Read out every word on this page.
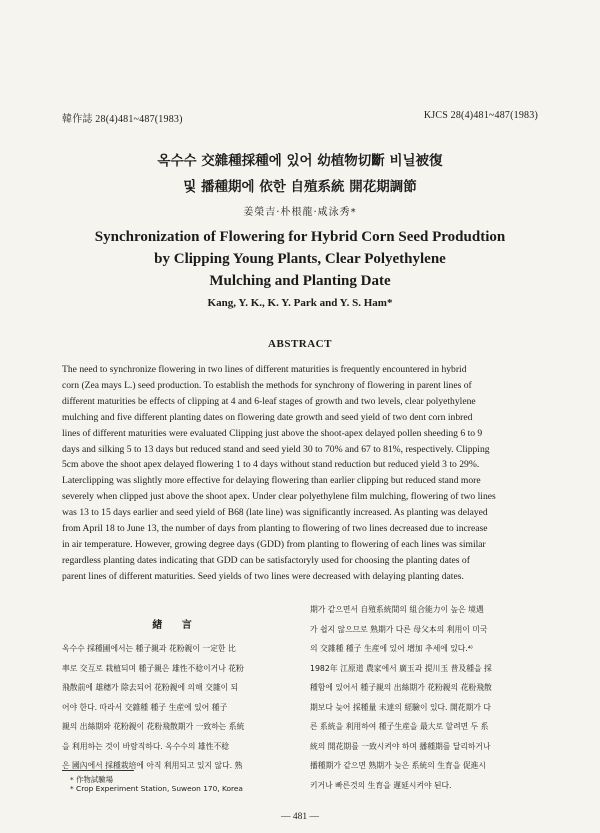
韓作誌 28(4)481~487(1983)	KJCS 28(4)481~487(1983)
옥수수 交雜種採種에 있어 幼植物切斷 비닐被復
및 播種期에 依한 自殖系統 開花期調節
姜榮吉·朴根龍·咸泳秀*
Synchronization of Flowering for Hybrid Corn Seed Produdtion
by Clipping Young Plants, Clear Polyethylene
Mulching and Planting Date
Kang, Y. K., K. Y. Park and Y. S. Ham*
ABSTRACT
The need to synchronize flowering in two lines of different maturities is frequently encountered in hybrid
corn (Zea mays L.) seed production. To establish the methods for synchrony of flowering in parent lines of
different maturities be effects of clipping at 4 and 6-leaf stages of growth and two levels, clear polyethylene
mulching and five different planting dates on flowering date growth and seed yield of two dent corn inbred
lines of different maturities were evaluated Clipping just above the shoot-apex delayed pollen sheeding 6 to 9
days and silking 5 to 13 days but reduced stand and seed yield 30 to 70% and 67 to 81%, respectively. Clipping
5cm above the shoot apex delayed flowering 1 to 4 days without stand reduction but reduced yield 3 to 29%.
Laterclipping was slightly more effective for delaying flowering than earlier clipping but reduced stand more
severely when clipped just above the shoot apex. Under clear polyethylene film mulching, flowering of two lines
was 13 to 15 days earlier and seed yield of B68 (late line) was significantly increased. As planting was delayed
from April 18 to June 13, the number of days from planting to flowering of two lines decreased due to increase
in air temperature. However, growing degree days (GDD) from planting to flowering of each lines was similar
regardless planting dates indicating that GDD can be satisfactoryly used for choosing the planting dates of
parent lines of different maturities. Seed yields of two lines were decreased with delaying planting dates.
緖 言
옥수수 採種圃에서는 種子親과 花粉親이 一定한 比
率로 交互로 栽植되며 種子親은 雄性不稔이거나 花粉
飛散前에 雄穗가 除去되어 花粉親에 의해 交雜이 되
어야 한다. 따라서 交雜種 種子 生産에 있어 種子
親의 出絲期와 花粉親이 花粉飛散期가 一致하는 系統
을 利用하는 것이 바람직하다. 옥수수의 雄性不稔
은 國內에서 採種栽培에 아직 利用되고 있지 않다. 熟
期가 같으면서 自殖系統間의 組合能力이 높은 境遇
가 쉽지 않으므로 熟期가 다른 母父本의 利用이 미국
의 交雜種 種子 生産에 있어 增加 추세에 있다.⁴⁾
1982年 江原道 農家에서 廣玉과 提川玉 普及種을 採
種함에 있어서 種子親의 出絲期가 花粉親의 花粉飛散
期보다 늦어 採種量 未達의 經驗이 있다. 開花期가 다
른 系統을 利用하여 種子生産을 最大로 할려면 두 系
統의 開花期를 一致시켜야 하며 播種期를 달리하거나
播種期가 같으면 熟期가 늦은 系統의 生育을 促進시
키거나 빠른것의 生育을 遲延시켜야 된다.
* 作物試驗場
* Crop Experiment Station, Suweon 170, Korea
— 481 —
